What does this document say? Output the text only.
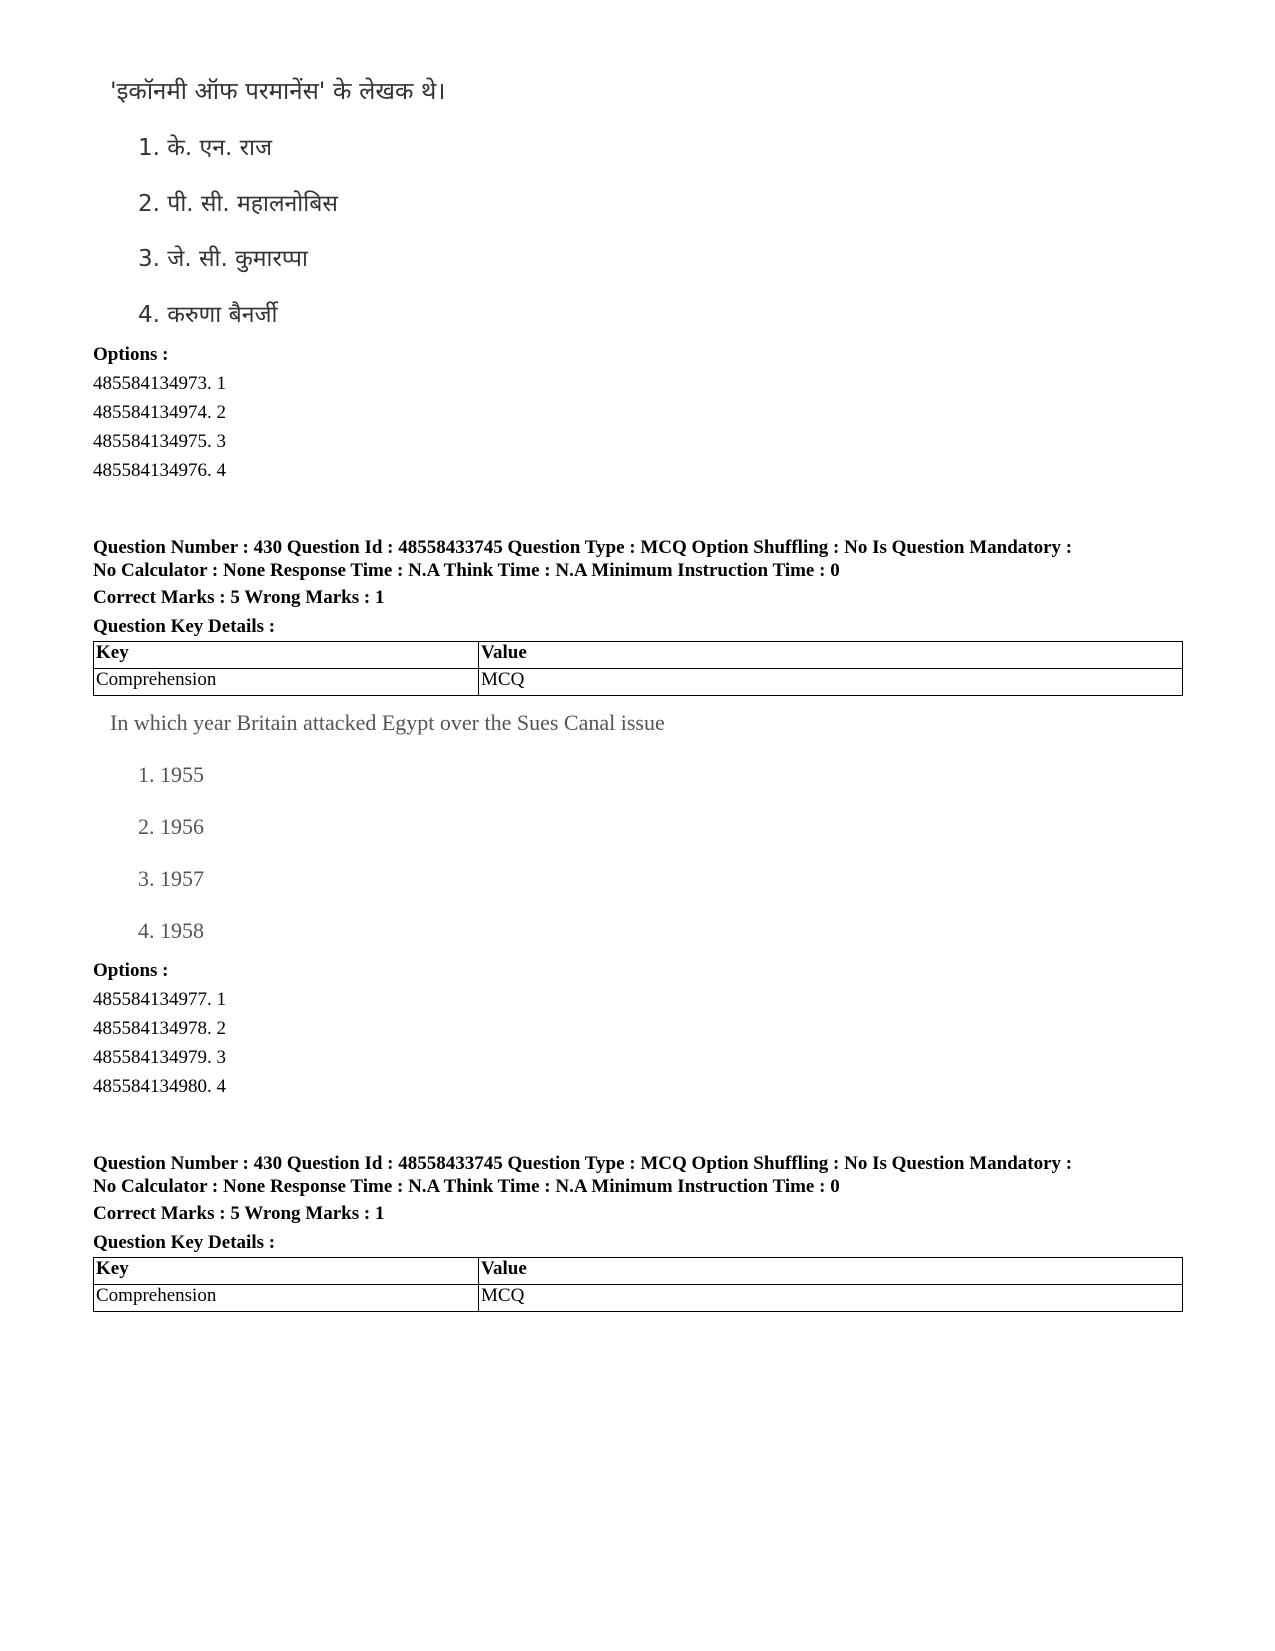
'इकॉनमी ऑफ परमानेंस' के लेखक थे।
1. के. एन. राज
2. पी. सी. महालनोबिस
3. जे. सी. कुमारप्पा
4. करुणा बैनर्जी
Options :
485584134973. 1
485584134974. 2
485584134975. 3
485584134976. 4
Question Number : 430 Question Id : 48558433745 Question Type : MCQ Option Shuffling : No Is Question Mandatory :
No Calculator : None Response Time : N.A Think Time : N.A Minimum Instruction Time : 0
Correct Marks : 5 Wrong Marks : 1
Question Key Details :
Key	Value
Comprehension	MCQ
In which year Britain attacked Egypt over the Sues Canal issue
1. 1955
2. 1956
3. 1957
4. 1958
Options :
485584134977. 1
485584134978. 2
485584134979. 3
485584134980. 4
Question Number : 430 Question Id : 48558433745 Question Type : MCQ Option Shuffling : No Is Question Mandatory :
No Calculator : None Response Time : N.A Think Time : N.A Minimum Instruction Time : 0
Correct Marks : 5 Wrong Marks : 1
Question Key Details :
Key	Value
Comprehension	MCQ
